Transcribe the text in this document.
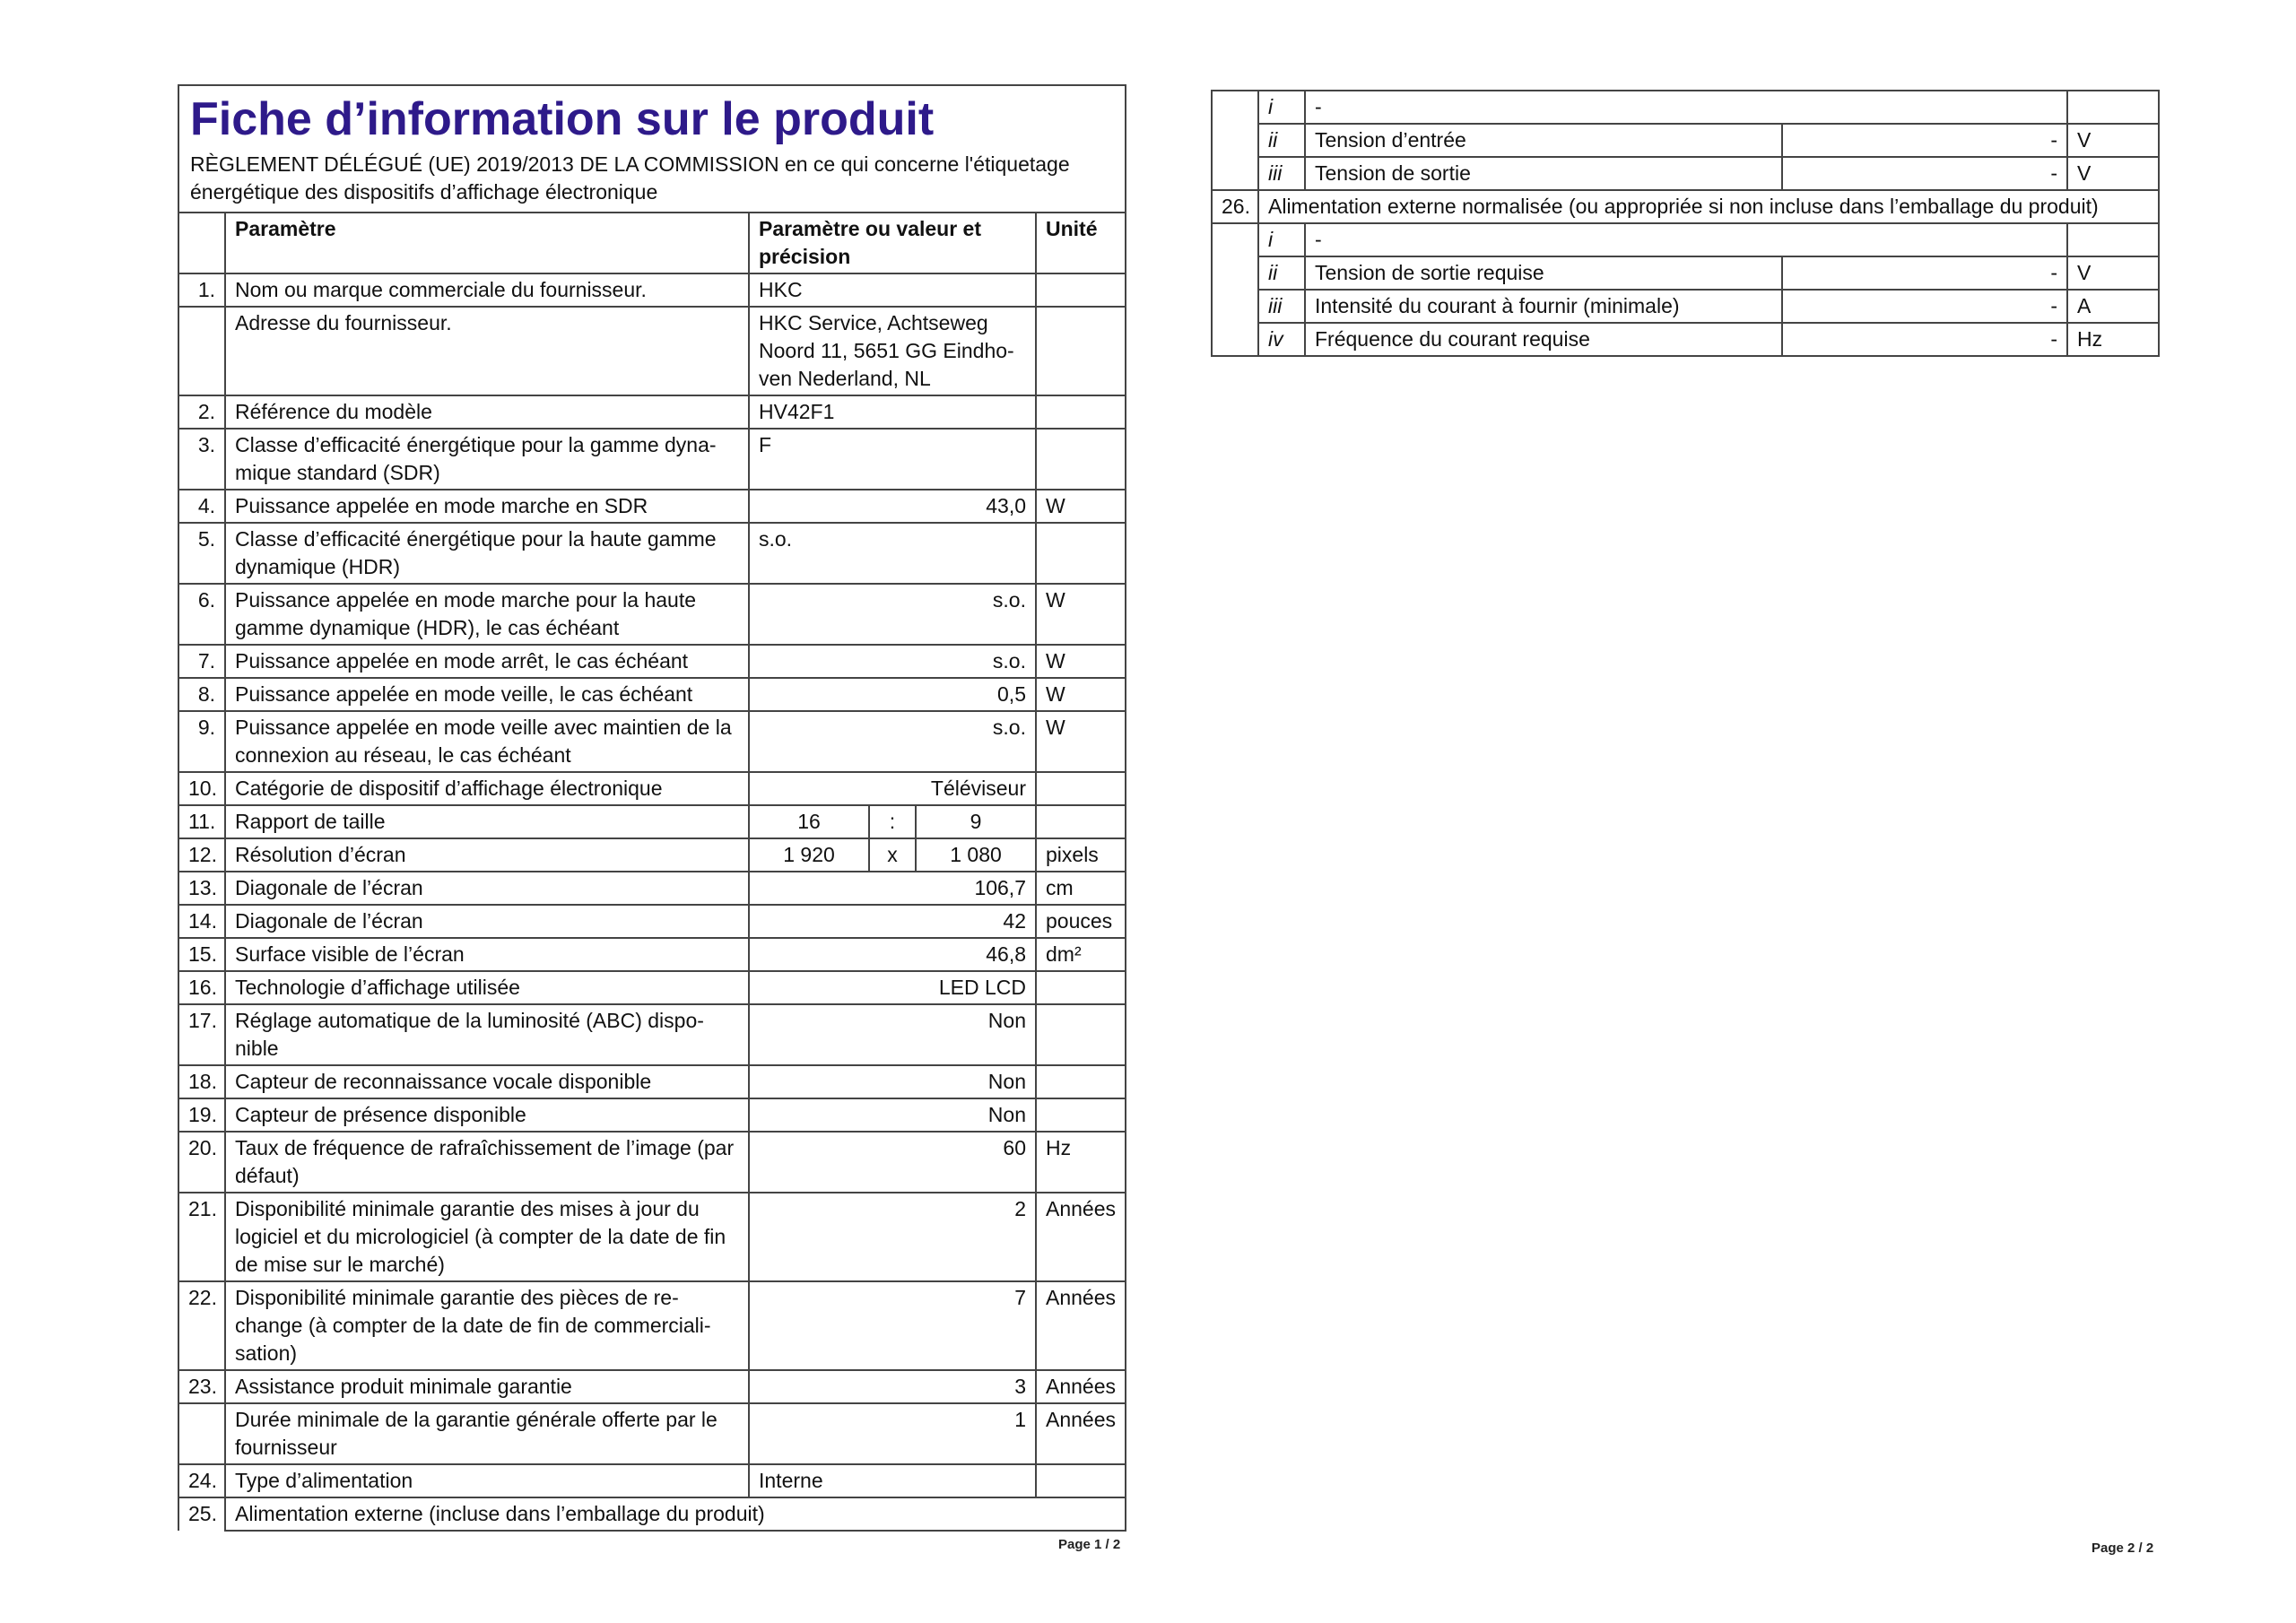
Fiche d’information sur le produit
RÈGLEMENT DÉLÉGUÉ (UE) 2019/2013 DE LA COMMISSION en ce qui concerne l'étiquetage énergétique des dispositifs d’affichage électronique					

	Paramètre	Paramètre ou valeur et précision			Unité
1.	Nom ou marque commerciale du fournisseur.	HKC			
	Adresse du fournisseur.	HKC Service, Achtseweg Noord 11, 5651 GG Eindho-ven Nederland, NL			
2.	Référence du modèle	HV42F1			
3.	Classe d’efficacité énergétique pour la gamme dyna-mique standard (SDR)	F			
4.	Puissance appelée en mode marche en SDR	43,0			W
5.	Classe d’efficacité énergétique pour la haute gamme dynamique (HDR)	s.o.			
6.	Puissance appelée en mode marche pour la haute gamme dynamique (HDR), le cas échéant	s.o.			W
7.	Puissance appelée en mode arrêt, le cas échéant	s.o.			W
8.	Puissance appelée en mode veille, le cas échéant	0,5			W
9.	Puissance appelée en mode veille avec maintien de la connexion au réseau, le cas échéant	s.o.			W
10.	Catégorie de dispositif d’affichage électronique	Téléviseur			
11.	Rapport de taille	16	:	9	
12.	Résolution d’écran	1 920	x	1 080	pixels
13.	Diagonale de l’écran	106,7			cm
14.	Diagonale de l’écran	42			pouces
15.	Surface visible de l’écran	46,8			dm²
16.	Technologie d’affichage utilisée	LED LCD			
17.	Réglage automatique de la luminosité (ABC) dispo-nible	Non			
18.	Capteur de reconnaissance vocale disponible	Non			
19.	Capteur de présence disponible	Non			
20.	Taux de fréquence de rafraîchissement de l’image (par défaut)	60			Hz
21.	Disponibilité minimale garantie des mises à jour du logiciel et du micrologiciel (à compter de la date de fin de mise sur le marché)	2			Années
22.	Disponibilité minimale garantie des pièces de re-change (à compter de la date de fin de commerciali-sation)	7			Années
23.	Assistance produit minimale garantie	3			Années
	Durée minimale de la garantie générale offerte par le fournisseur	1			Années
24.	Type d’alimentation	Interne			
25.	Alimentation externe (incluse dans l’emballage du produit)				
Page 1 / 2
	i	-		
	ii	Tension d’entrée	-	V
	iii	Tension de sortie	-	V
26.	Alimentation externe normalisée (ou appropriée si non incluse dans l’emballage du produit)			
	i	-		
	ii	Tension de sortie requise	-	V
	iii	Intensité du courant à fournir (minimale)	-	A
	iv	Fréquence du courant requise	-	Hz
Page 2 / 2
